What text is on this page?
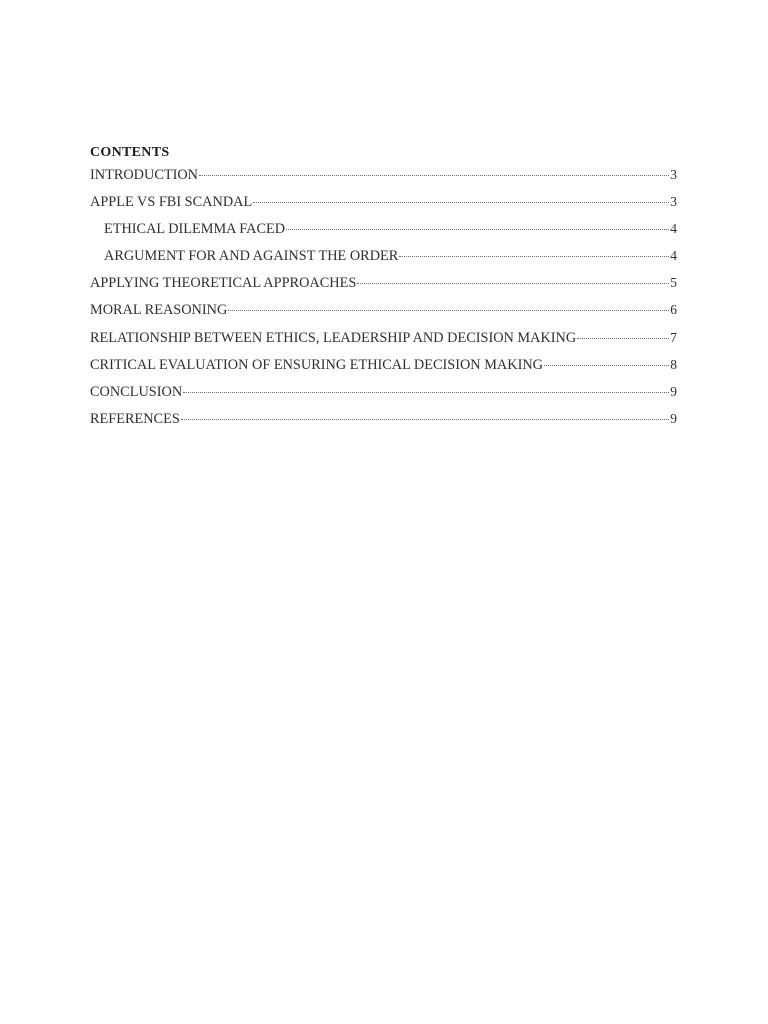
CONTENTS
INTRODUCTION	3
APPLE VS FBI SCANDAL	3
ETHICAL DILEMMA FACED	4
ARGUMENT FOR AND AGAINST THE ORDER	4
APPLYING THEORETICAL APPROACHES	5
MORAL REASONING	6
RELATIONSHIP BETWEEN ETHICS, LEADERSHIP AND DECISION MAKING	7
CRITICAL EVALUATION OF ENSURING ETHICAL DECISION MAKING	8
CONCLUSION	9
REFERENCES	9
